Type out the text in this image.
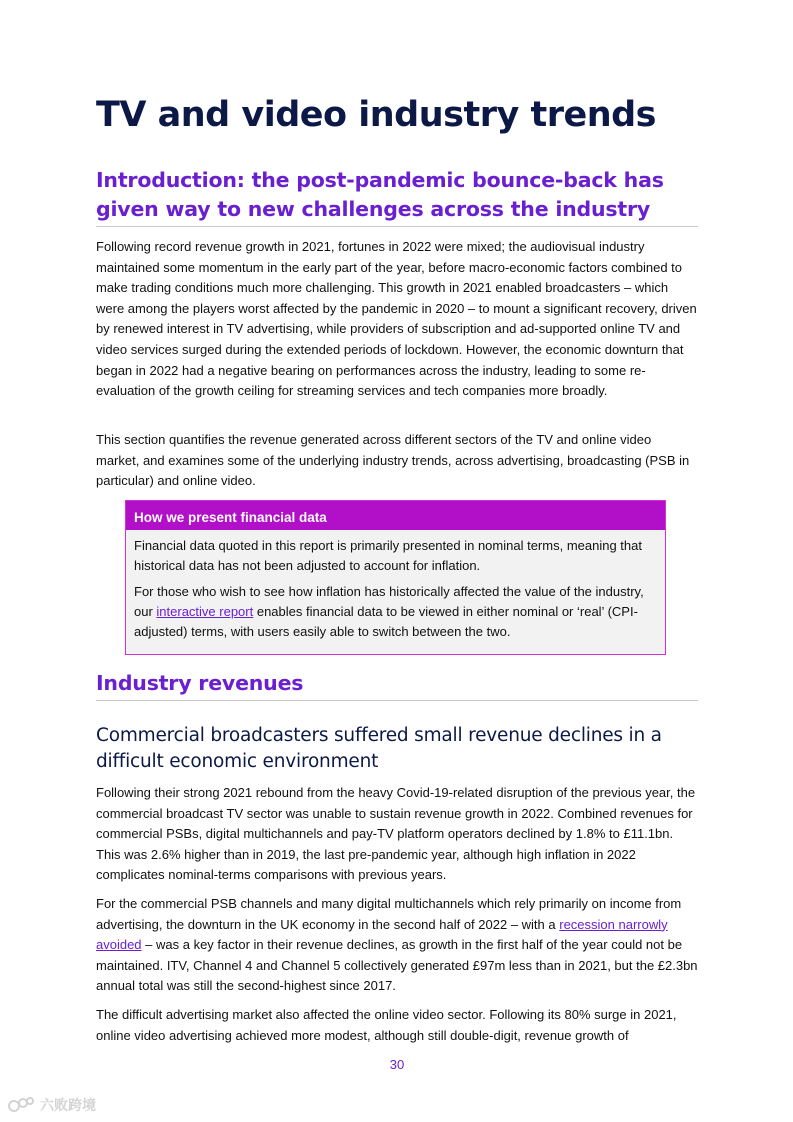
TV and video industry trends
Introduction: the post-pandemic bounce-back has given way to new challenges across the industry

Following record revenue growth in 2021, fortunes in 2022 were mixed; the audiovisual industry maintained some momentum in the early part of the year, before macro-economic factors combined to make trading conditions much more challenging. This growth in 2021 enabled broadcasters – which were among the players worst affected by the pandemic in 2020 – to mount a significant recovery, driven by renewed interest in TV advertising, while providers of subscription and ad-supported online TV and video services surged during the extended periods of lockdown. However, the economic downturn that began in 2022 had a negative bearing on performances across the industry, leading to some re-evaluation of the growth ceiling for streaming services and tech companies more broadly.

This section quantifies the revenue generated across different sectors of the TV and online video market, and examines some of the underlying industry trends, across advertising, broadcasting (PSB in particular) and online video.

How we present financial data

Financial data quoted in this report is primarily presented in nominal terms, meaning that historical data has not been adjusted to account for inflation.

For those who wish to see how inflation has historically affected the value of the industry, our interactive report enables financial data to be viewed in either nominal or ‘real’ (CPI-adjusted) terms, with users easily able to switch between the two.

Industry revenues
Commercial broadcasters suffered small revenue declines in a difficult economic environment

Following their strong 2021 rebound from the heavy Covid-19-related disruption of the previous year, the commercial broadcast TV sector was unable to sustain revenue growth in 2022. Combined revenues for commercial PSBs, digital multichannels and pay-TV platform operators declined by 1.8% to £11.1bn. This was 2.6% higher than in 2019, the last pre-pandemic year, although high inflation in 2022 complicates nominal-terms comparisons with previous years.

For the commercial PSB channels and many digital multichannels which rely primarily on income from advertising, the downturn in the UK economy in the second half of 2022 – with a recession narrowly avoided – was a key factor in their revenue declines, as growth in the first half of the year could not be maintained. ITV, Channel 4 and Channel 5 collectively generated £97m less than in 2021, but the £2.3bn annual total was still the second-highest since 2017.

The difficult advertising market also affected the online video sector. Following its 80% surge in 2021, online video advertising achieved more modest, although still double-digit, revenue growth of

30
六败跨境
